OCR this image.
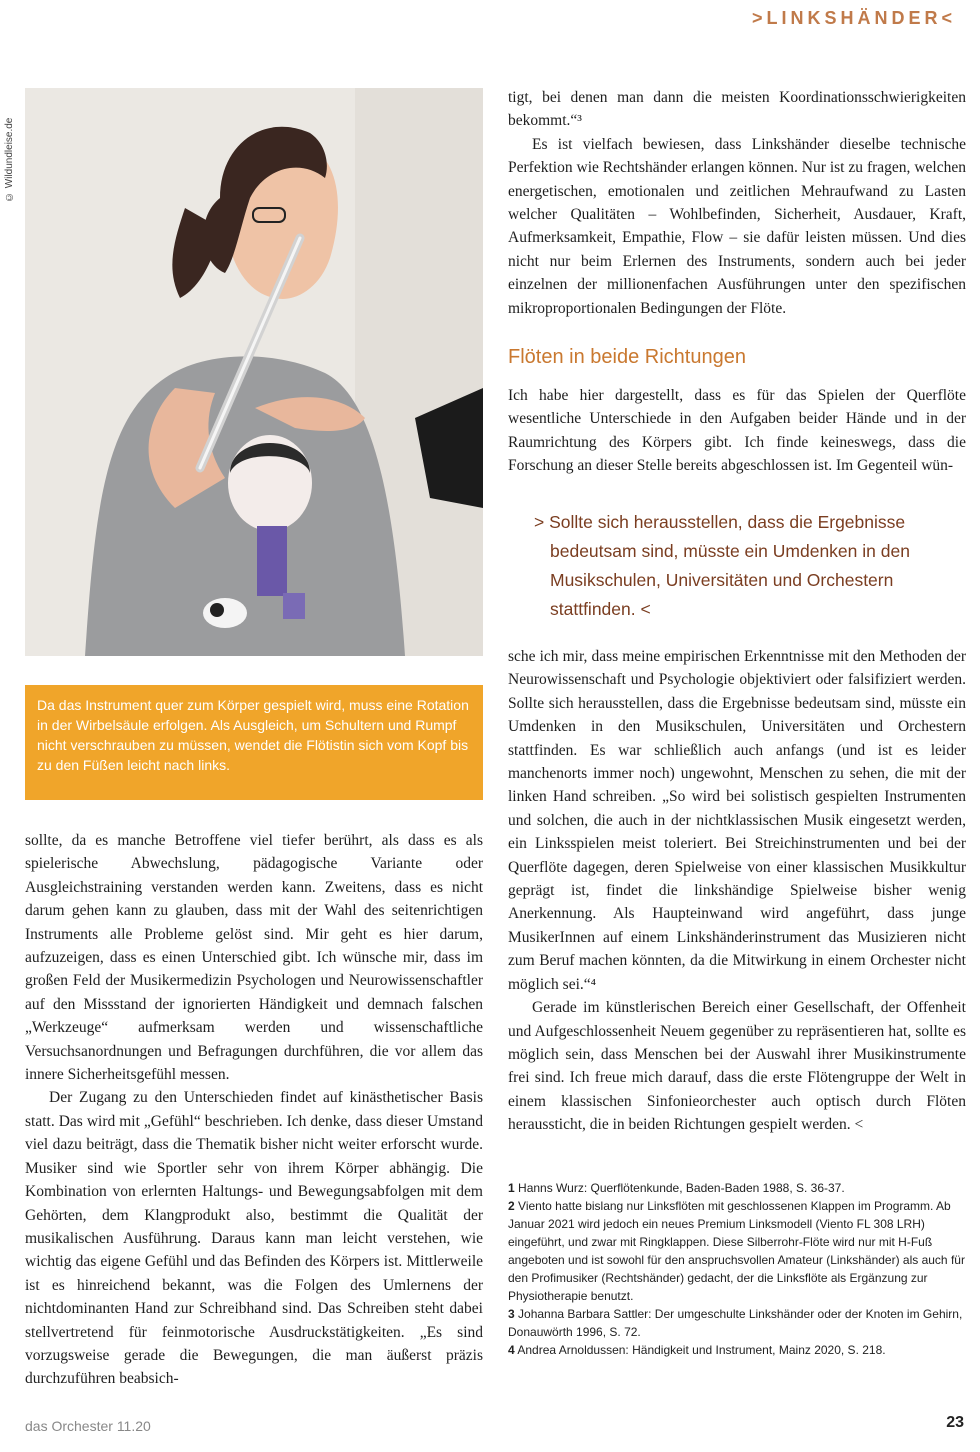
>LINKSHÄNDER<
© Wildundleise.de
Da das Instrument quer zum Körper gespielt wird, muss eine Rotation in der Wirbelsäule erfolgen. Als Ausgleich, um Schultern und Rumpf nicht verschrauben zu müssen, wendet die Flötistin sich vom Kopf bis zu den Füßen leicht nach links.

tigt, bei denen man dann die meisten Koordinationsschwierigkeiten bekommt.“³

Es ist vielfach bewiesen, dass Linkshänder dieselbe technische Perfektion wie Rechtshänder erlangen können. Nur ist zu fragen, welchen energetischen, emotionalen und zeitlichen Mehraufwand zu Lasten welcher Qualitäten – Wohlbefinden, Sicherheit, Ausdauer, Kraft, Aufmerksamkeit, Empathie, Flow – sie dafür leisten müssen. Und dies nicht nur beim Erlernen des Instruments, sondern auch bei jeder einzelnen der millionenfachen Ausführungen unter den spezifischen mikroproportionalen Bedingungen der Flöte.

Flöten in beide Richtungen

Ich habe hier dargestellt, dass es für das Spielen der Querflöte wesentliche Unterschiede in den Aufgaben beider Hände und in der Raumrichtung des Körpers gibt. Ich finde keineswegs, dass die Forschung an dieser Stelle bereits abgeschlossen ist. Im Gegenteil wün-

> Sollte sich herausstellen, dass die Ergebnisse
bedeutsam sind, müsste ein Umdenken in den
Musikschulen, Universitäten und Orchestern
stattfinden. <

sche ich mir, dass meine empirischen Erkenntnisse mit den Methoden der Neurowissenschaft und Psychologie objektiviert oder falsifiziert werden. Sollte sich herausstellen, dass die Ergebnisse bedeutsam sind, müsste ein Umdenken in den Musikschulen, Universitäten und Orchestern stattfinden. Es war schließlich auch anfangs (und ist es leider manchenorts immer noch) ungewohnt, Menschen zu sehen, die mit der linken Hand schreiben. „So wird bei solistisch gespielten Instrumenten und solchen, die auch in der nichtklassischen Musik eingesetzt werden, ein Linksspielen meist toleriert. Bei Streichinstrumenten und bei der Querflöte dagegen, deren Spielweise von einer klassischen Musikkultur geprägt ist, findet die linkshändige Spielweise bisher wenig Anerkennung. Als Haupteinwand wird angeführt, dass junge MusikerInnen auf einem Linkshänderinstrument das Musizieren nicht zum Beruf machen könnten, da die Mitwirkung in einem Orchester nicht möglich sei.“⁴

Gerade im künstlerischen Bereich einer Gesellschaft, der Offenheit und Aufgeschlossenheit Neuem gegenüber zu repräsentieren hat, sollte es möglich sein, dass Menschen bei der Auswahl ihrer Musikinstrumente frei sind. Ich freue mich darauf, dass die erste Flötengruppe der Welt in einem klassischen Sinfonieorchester auch optisch durch Flöten heraussticht, die in beiden Richtungen gespielt werden. <

sollte, da es manche Betroffene viel tiefer berührt, als dass es als spielerische Abwechslung, pädagogische Variante oder Ausgleichstraining verstanden werden kann. Zweitens, dass es nicht darum gehen kann zu glauben, dass mit der Wahl des seitenrichtigen Instruments alle Probleme gelöst sind. Mir geht es hier darum, aufzuzeigen, dass es einen Unterschied gibt. Ich wünsche mir, dass im großen Feld der Musikermedizin Psychologen und Neurowissenschaftler auf den Missstand der ignorierten Händigkeit und demnach falschen „Werkzeuge“ aufmerksam werden und wissenschaftliche Versuchsanordnungen und Befragungen durchführen, die vor allem das innere Sicherheitsgefühl messen.

Der Zugang zu den Unterschieden findet auf kinästhetischer Basis statt. Das wird mit „Gefühl“ beschrieben. Ich denke, dass dieser Umstand viel dazu beiträgt, dass die Thematik bisher nicht weiter erforscht wurde. Musiker sind wie Sportler sehr von ihrem Körper abhängig. Die Kombination von erlernten Haltungs- und Bewegungsabfolgen mit dem Gehörten, dem Klangprodukt also, bestimmt die Qualität der musikalischen Ausführung. Daraus kann man leicht verstehen, wie wichtig das eigene Gefühl und das Befinden des Körpers ist. Mittlerweile ist es hinreichend bekannt, was die Folgen des Umlernens der nichtdominanten Hand zur Schreibhand sind. Das Schreiben steht dabei stellvertretend für feinmotorische Ausdruckstätigkeiten. „Es sind vorzugsweise gerade die Bewegungen, die man äußerst präzis durchzuführen beabsich-

1 Hanns Wurz: Querflötenkunde, Baden-Baden 1988, S. 36-37.

2 Viento hatte bislang nur Linksflöten mit geschlossenen Klappen im Programm. Ab Januar 2021 wird jedoch ein neues Premium Linksmodell (Viento FL 308 LRH) eingeführt, und zwar mit Ringklappen. Diese Silberrohr-Flöte wird nur mit H-Fuß angeboten und ist sowohl für den anspruchsvollen Amateur (Linkshänder) als auch für den Profimusiker (Rechtshänder) gedacht, der die Linksflöte als Ergänzung zur Physiotherapie benutzt.

3 Johanna Barbara Sattler: Der umgeschulte Linkshänder oder der Knoten im Gehirn, Donauwörth 1996, S. 72.

4 Andrea Arnoldussen: Händigkeit und Instrument, Mainz 2020, S. 218.

das Orchester 11.20	23
